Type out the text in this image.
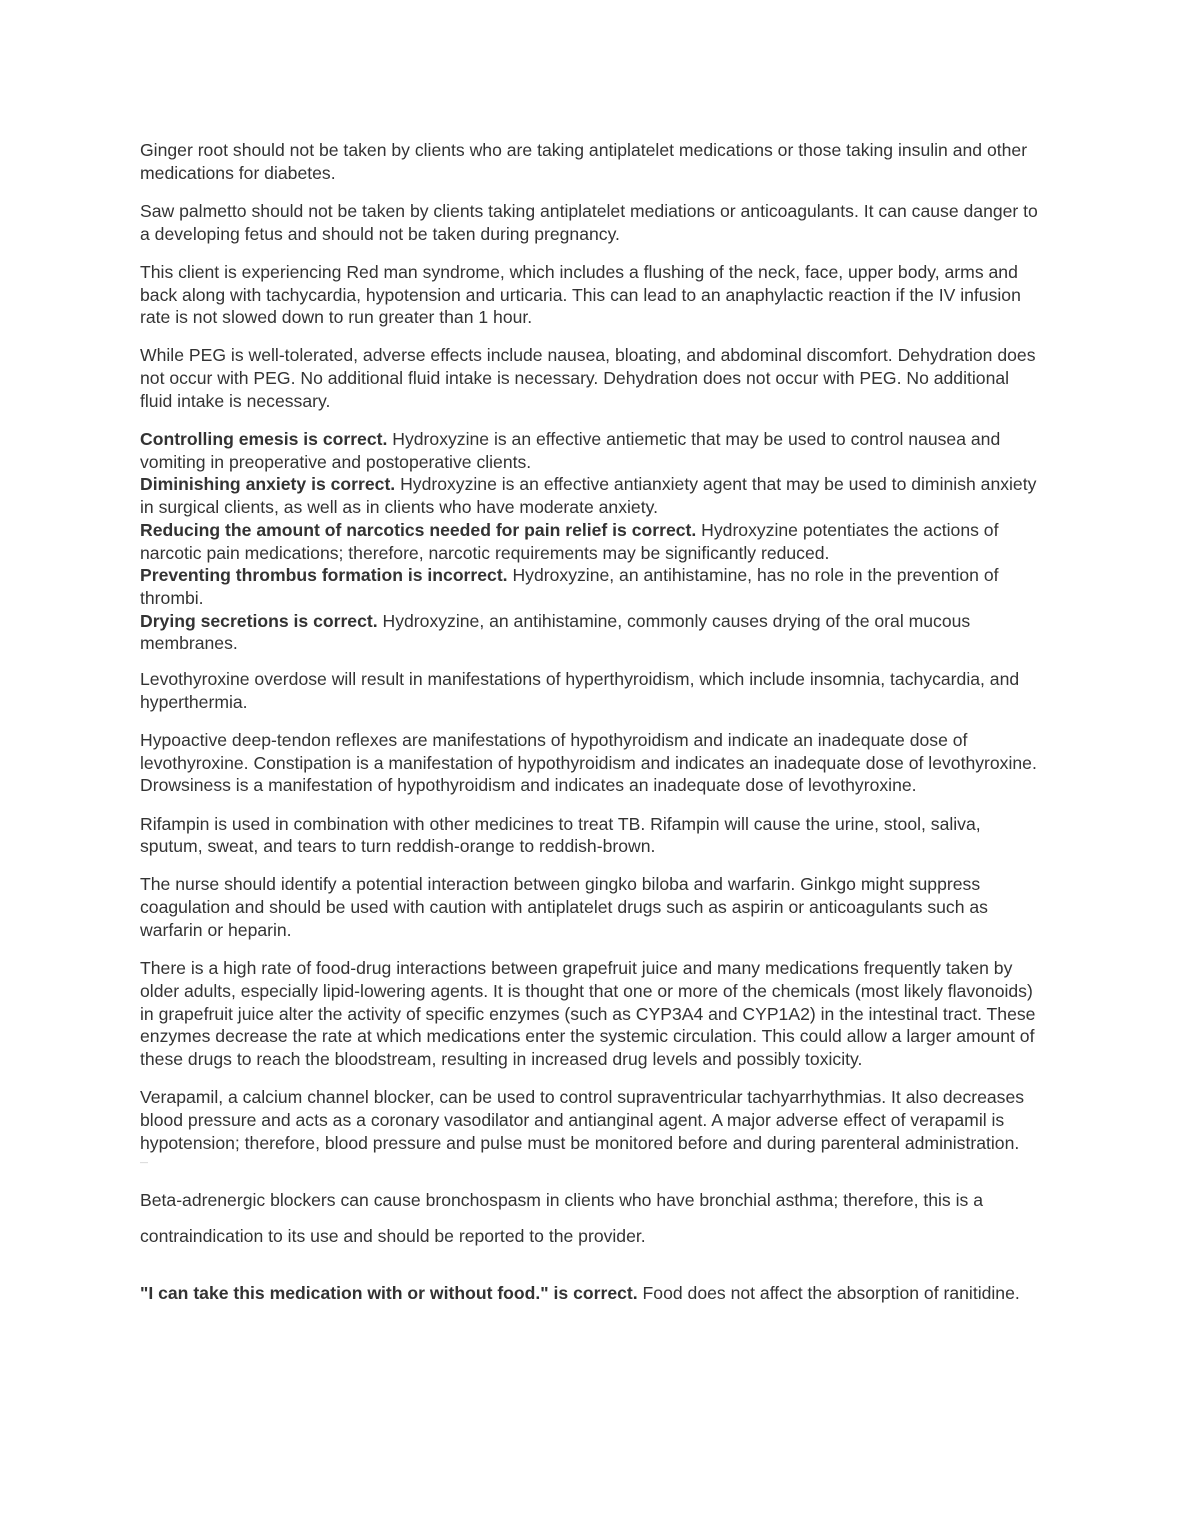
Ginger root should not be taken by clients who are taking antiplatelet medications or those taking insulin and other medications for diabetes.

Saw palmetto should not be taken by clients taking antiplatelet mediations or anticoagulants. It can cause danger to a developing fetus and should not be taken during pregnancy.

This client is experiencing Red man syndrome, which includes a flushing of the neck, face, upper body, arms and back along with tachycardia, hypotension and urticaria. This can lead to an anaphylactic reaction if the IV infusion rate is not slowed down to run greater than 1 hour.

While PEG is well-tolerated, adverse effects include nausea, bloating, and abdominal discomfort. Dehydration does not occur with PEG. No additional fluid intake is necessary. Dehydration does not occur with PEG. No additional fluid intake is necessary.

Controlling emesis is correct. Hydroxyzine is an effective antiemetic that may be used to control nausea and vomiting in preoperative and postoperative clients.

Diminishing anxiety is correct. Hydroxyzine is an effective antianxiety agent that may be used to diminish anxiety in surgical clients, as well as in clients who have moderate anxiety.

Reducing the amount of narcotics needed for pain relief is correct. Hydroxyzine potentiates the actions of narcotic pain medications; therefore, narcotic requirements may be significantly reduced.

Preventing thrombus formation is incorrect. Hydroxyzine, an antihistamine, has no role in the prevention of thrombi.

Drying secretions is correct. Hydroxyzine, an antihistamine, commonly causes drying of the oral mucous membranes.

Levothyroxine overdose will result in manifestations of hyperthyroidism, which include insomnia, tachycardia, and hyperthermia.

Hypoactive deep-tendon reflexes are manifestations of hypothyroidism and indicate an inadequate dose of levothyroxine. Constipation is a manifestation of hypothyroidism and indicates an inadequate dose of levothyroxine. Drowsiness is a manifestation of hypothyroidism and indicates an inadequate dose of levothyroxine.

Rifampin is used in combination with other medicines to treat TB. Rifampin will cause the urine, stool, saliva, sputum, sweat, and tears to turn reddish-orange to reddish-brown.

The nurse should identify a potential interaction between gingko biloba and warfarin. Ginkgo might suppress coagulation and should be used with caution with antiplatelet drugs such as aspirin or anticoagulants such as warfarin or heparin.

There is a high rate of food-drug interactions between grapefruit juice and many medications frequently taken by older adults, especially lipid-lowering agents. It is thought that one or more of the chemicals (most likely flavonoids) in grapefruit juice alter the activity of specific enzymes (such as CYP3A4 and CYP1A2) in the intestinal tract. These enzymes decrease the rate at which medications enter the systemic circulation. This could allow a larger amount of these drugs to reach the bloodstream, resulting in increased drug levels and possibly toxicity.

Verapamil, a calcium channel blocker, can be used to control supraventricular tachyarrhythmias. It also decreases blood pressure and acts as a coronary vasodilator and antianginal agent. A major adverse effect of verapamil is hypotension; therefore, blood pressure and pulse must be monitored before and during parenteral administration.

—

Beta-adrenergic blockers can cause bronchospasm in clients who have bronchial asthma; therefore, this is a

contraindication to its use and should be reported to the provider.

"I can take this medication with or without food." is correct. Food does not affect the absorption of ranitidine.
